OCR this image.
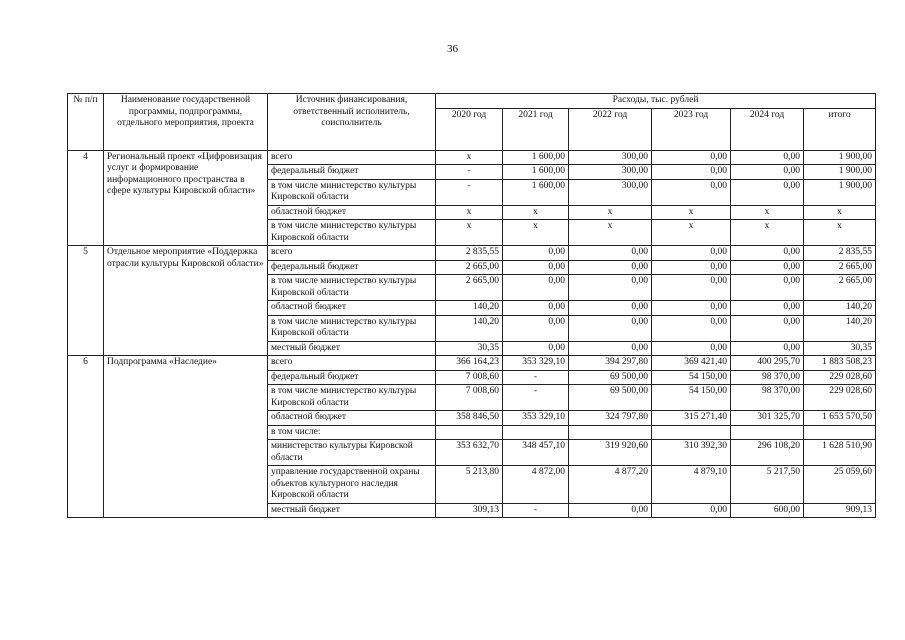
36
№ п/п	Наименование государственной программы, подпрограммы, отдельного мероприятия, проекта	Источник финансирования, ответственный исполнитель, соисполнитель	Расходы, тыс. рублей					
			2020 год	2021 год	2022 год	2023 год	2024 год	итого
4	Региональный проект «Цифровизация услуг и формирование информационного пространства в сфере культуры Кировской области»	всего	х	1 600,00	300,00	0,00	0,00	1 900,00
		федеральный бюджет	-	1 600,00	300,00	0,00	0,00	1 900,00
		в том числе министерство культуры Кировской области	-	1 600,00	300,00	0,00	0,00	1 900,00
		областной бюджет	х	х	х	х	х	х
		в том числе министерство культуры Кировской области	х	х	х	х	х	х
5	Отдельное мероприятие «Поддержка отрасли культуры Кировской области»	всего	2 835,55	0,00	0,00	0,00	0,00	2 835,55
		федеральный бюджет	2 665,00	0,00	0,00	0,00	0,00	2 665,00
		в том числе министерство культуры Кировской области	2 665,00	0,00	0,00	0,00	0,00	2 665,00
		областной бюджет	140,20	0,00	0,00	0,00	0,00	140,20
		в том числе министерство культуры Кировской области	140,20	0,00	0,00	0,00	0,00	140,20
		местный бюджет	30,35	0,00	0,00	0,00	0,00	30,35
6	Подпрограмма «Наследие»	всего	366 164,23	353 329,10	394 297,80	369 421,40	400 295,70	1 883 508,23
		федеральный бюджет	7 008,60	-	69 500,00	54 150,00	98 370,00	229 028,60
		в том числе министерство культуры Кировской области	7 008,60	-	69 500,00	54 150,00	98 370,00	229 028,60
		областной бюджет	358 846,50	353 329,10	324 797,80	315 271,40	301 325,70	1 653 570,50
		в том числе:						
		министерство культуры Кировской области	353 632,70	348 457,10	319 920,60	310 392,30	296 108,20	1 628 510,90
		управление государственной охраны объектов культурного наследия Кировской области	5 213,80	4 872,00	4 877,20	4 879,10	5 217,50	25 059,60
		местный бюджет	309,13	-	0,00	0,00	600,00	909,13
